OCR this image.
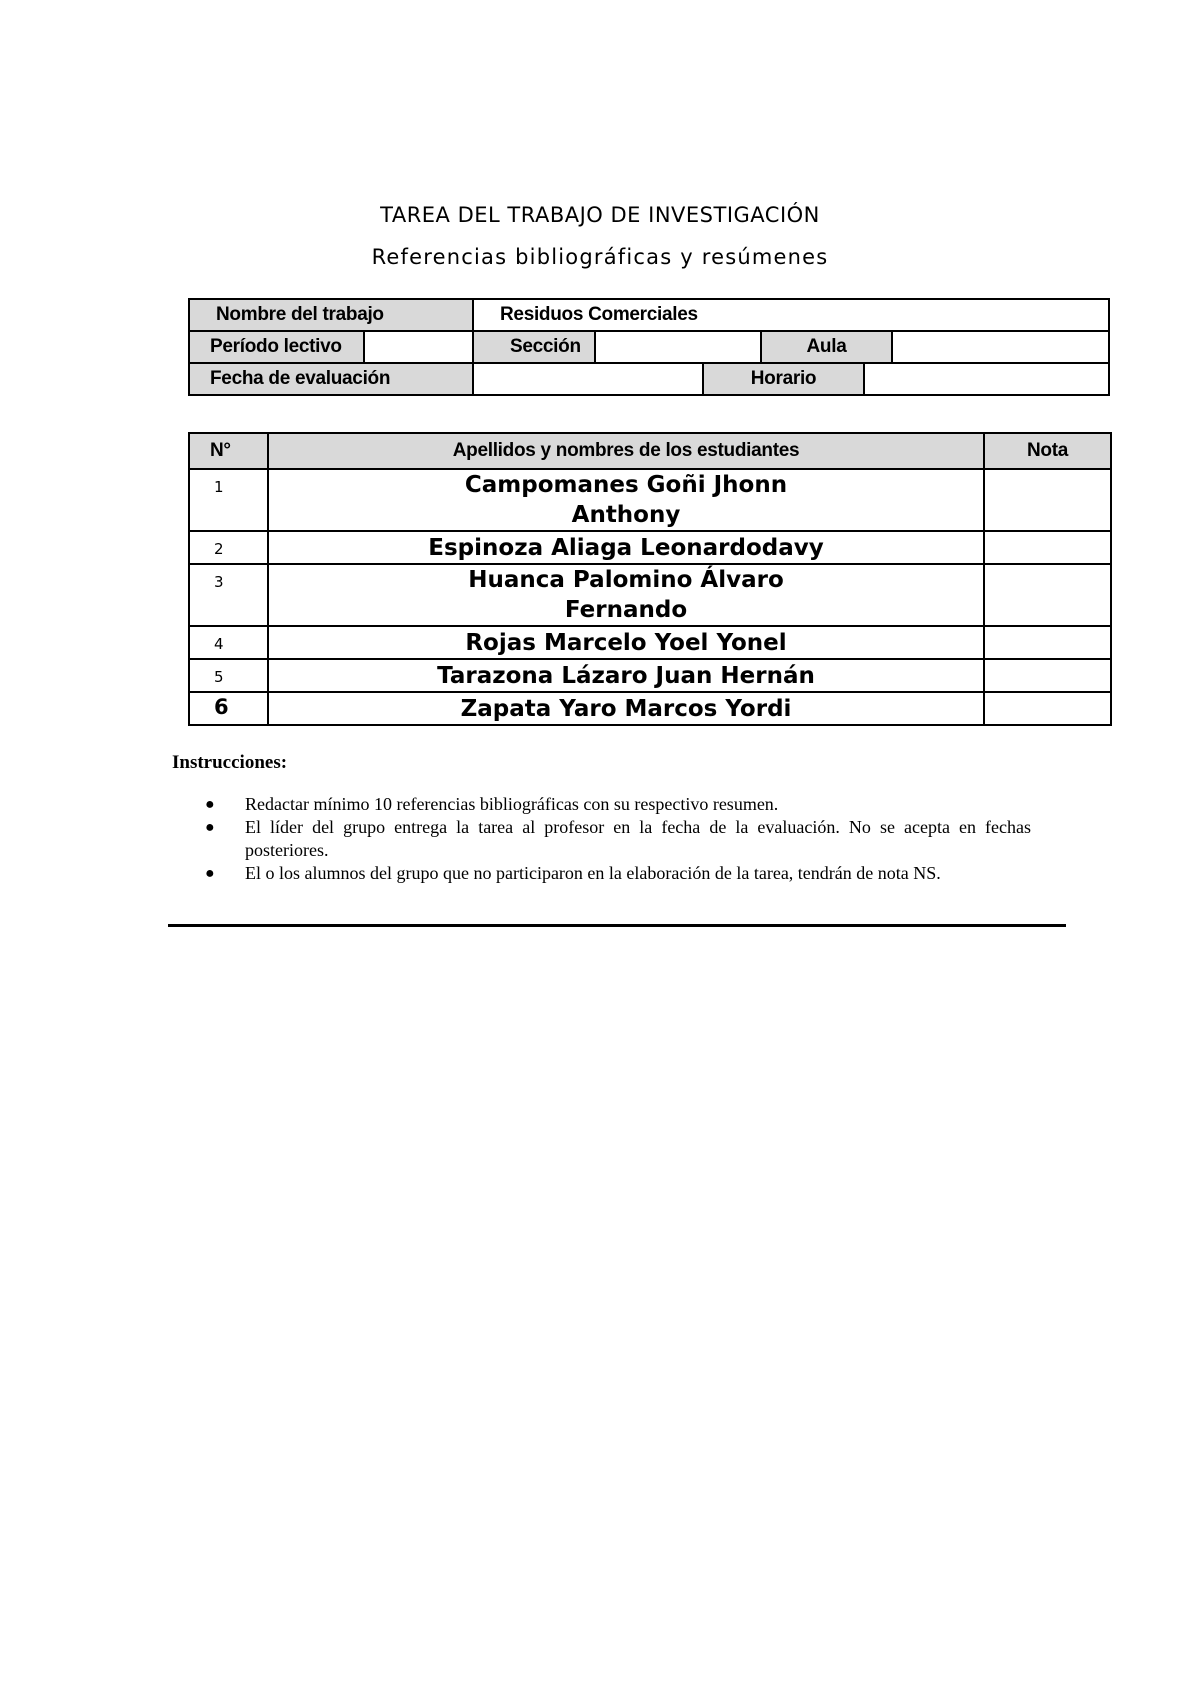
TAREA DEL TRABAJO DE INVESTIGACIÓN
Referencias bibliográficas y resúmenes
Nombre del trabajo	Residuos Comerciales
Período lectivo	Sección	Aula
Fecha de evaluación	Horario
N°	Apellidos y nombres de los estudiantes	Nota
1	Campomanes Goñi Jhonn Anthony	
2	Espinoza Aliaga Leonardodavy	
3	Huanca Palomino Álvaro Fernando	
4	Rojas Marcelo Yoel Yonel	
5	Tarazona Lázaro Juan Hernán	
6	Zapata Yaro Marcos Yordi	

Instrucciones:

● Redactar mínimo 10 referencias bibliográficas con su respectivo resumen.
● El líder del grupo entrega la tarea al profesor en la fecha de la evaluación. No se acepta en fechas posteriores.
● El o los alumnos del grupo que no participaron en la elaboración de la tarea, tendrán de nota NS.
